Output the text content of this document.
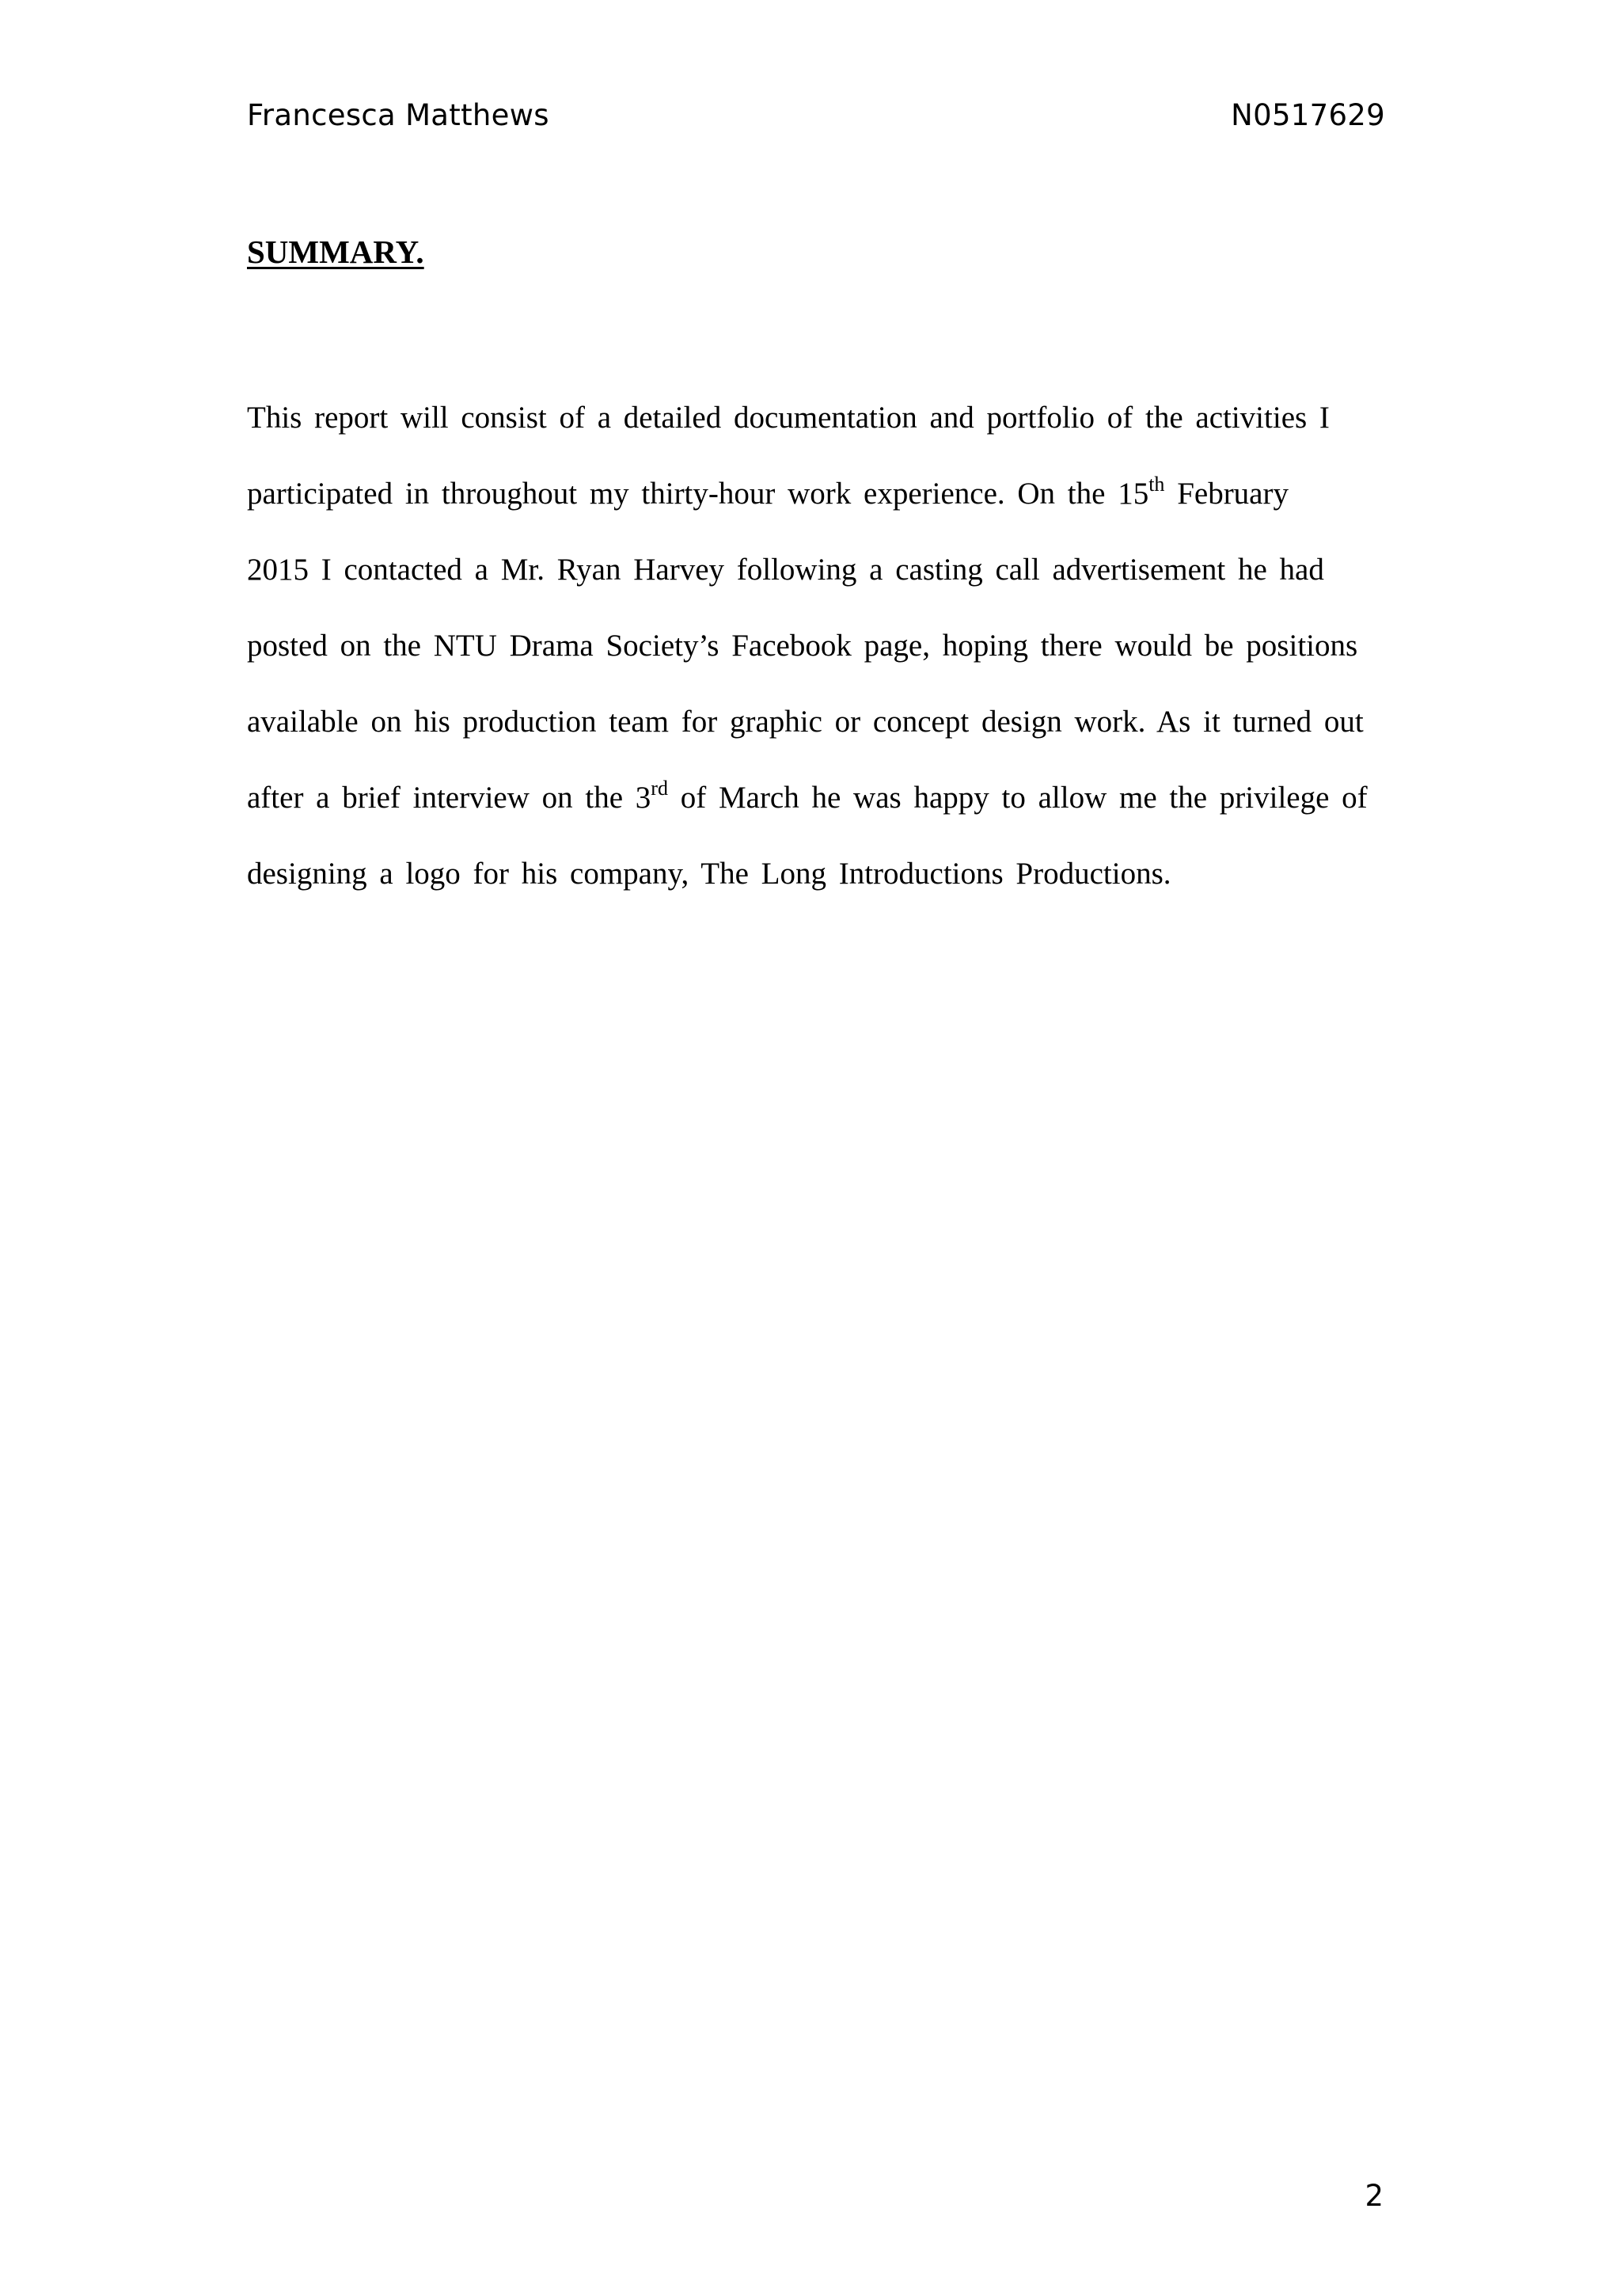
Francesca Matthews	N0517629
SUMMARY.
This report will consist of a detailed documentation and portfolio of the activities I
participated in throughout my thirty-hour work experience. On the 15th February
2015 I contacted a Mr. Ryan Harvey following a casting call advertisement he had
posted on the NTU Drama Society’s Facebook page, hoping there would be positions
available on his production team for graphic or concept design work. As it turned out
after a brief interview on the 3rd of March he was happy to allow me the privilege of
designing a logo for his company, The Long Introductions Productions.
2
